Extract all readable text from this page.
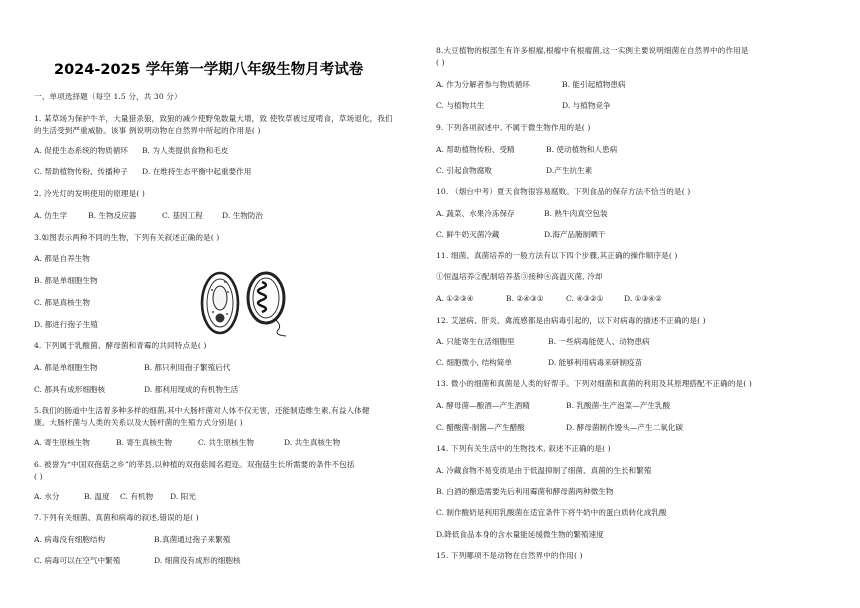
2024-2025 学年第一学期八年级生物月考试卷
一、单项选择题（每空 1.5 分，共 30 分）
1. 某草场为保护牛羊，大量猎杀狼，致狼的减少使野兔数量大增，致 使牧草被过度啃食，草场退化，我们
的生活受到严重威胁。该事 例说明动物在自然界中所起的作用是( )
A. 促使生态系统的物质循环 B. 为人类提供食物和毛皮
C. 帮助植物传粉、传播种子 D. 在维持生态平衡中起重要作用
2. 冷光灯的发明使用的原理是( )
A. 仿生学	B. 生物反应器	C. 基因工程	D. 生物防治
3.如图表示两种不同的生物，下列有关叙述正确的是( )
A. 都是自养生物
B. 都是单细胞生物
C. 都是真核生物
D. 都进行孢子生殖
4. 下列属于乳酸菌、酵母菌和青霉的共同特点是( )
A. 都是单细胞生物	B. 都只利用孢子繁殖后代
C. 都具有成形细胞核	D. 都利用现成的有机物生活
5.我们的肠道中生活着多种多样的细菌,其中大肠杆菌对人体不仅无害，还能制造维生素,有益人体健
康。大肠杆菌与人类的关系以及大肠杆菌的生殖方式分别是( )
A. 寄生原核生物	B. 寄生真核生物	C. 共生原核生物	D. 共生真核生物
6. 被誉为“中国双孢菇之乡”的莘县,以种植的双孢菇闻名遐迩。双孢菇生长所需要的条件不包括
( )
A. 水分	B. 温度 C. 有机物 D. 阳光
7.下列有关细菌、真菌和病毒的叙述,错误的是( )
A. 病毒没有细胞结构	B.真菌通过孢子来繁殖
C. 病毒可以在空气中繁殖	D. 细菌没有成形的细胞核
8.大豆植物的根部生有许多根瘤,根瘤中有根瘤菌,这一实例主要说明细菌在自然界中的作用是
( )
A. 作为分解者参与物质循环	B. 能引起植物患病
C. 与植物共生	D. 与植物竞争
9. 下列各项叙述中, 不属于微生物作用的是( )
A. 帮助植物传粉、受精	B. 使动植物和人患病
C. 引起食物腐败	D.产生抗生素
10. （烟台中考）夏天食物很容易腐败。下列食品的保存方法不恰当的是( )
A. 蔬菜、水果冷冻保存	B. 熟牛肉真空包装
C. 鲜牛奶灭菌冷藏	D.海产品腌制晒干
11. 细菌、真菌培养的一般方法有以下四个步骤,其正确的操作顺序是( )
①恒温培养②配制培养基③接种④高温灭菌, 冷却
A. ①②③④	B. ②④③①	C. ④③②①	D. ①③④②
12. 艾滋病、肝炎、禽流感都是由病毒引起的，以下对病毒的描述不正确的是( )
A. 只能寄生在活细胞里	B. 一些病毒能使人、动物患病
C. 细胞微小, 结构简单	D. 能够利用病毒来研制疫苗
13. 微小的细菌和真菌是人类的好帮手。下列对细菌和真菌的利用及其原理搭配不正确的是( )
A. 酵母菌—酿酒—产生酒精	B. 乳酸菌-生产泡菜—产生乳酸
C. 醋酸菌-制酱—产生醋酸	D. 酵母菌制作馒头—产生二氧化碳
14. 下列有关生活中的生物技术, 叙述不正确的是( )
A. 冷藏食物不易变质是由于低温抑制了细菌、真菌的生长和繁殖
B. 白酒的酿造需要先后利用霉菌和酵母菌两种微生物
C. 制作酸奶是利用乳酸菌在适宜条件下将牛奶中的蛋白质转化成乳酸
D.降低食品本身的含水量能延缓微生物的繁殖速度
15. 下列哪项不是动物在自然界中的作用( )
